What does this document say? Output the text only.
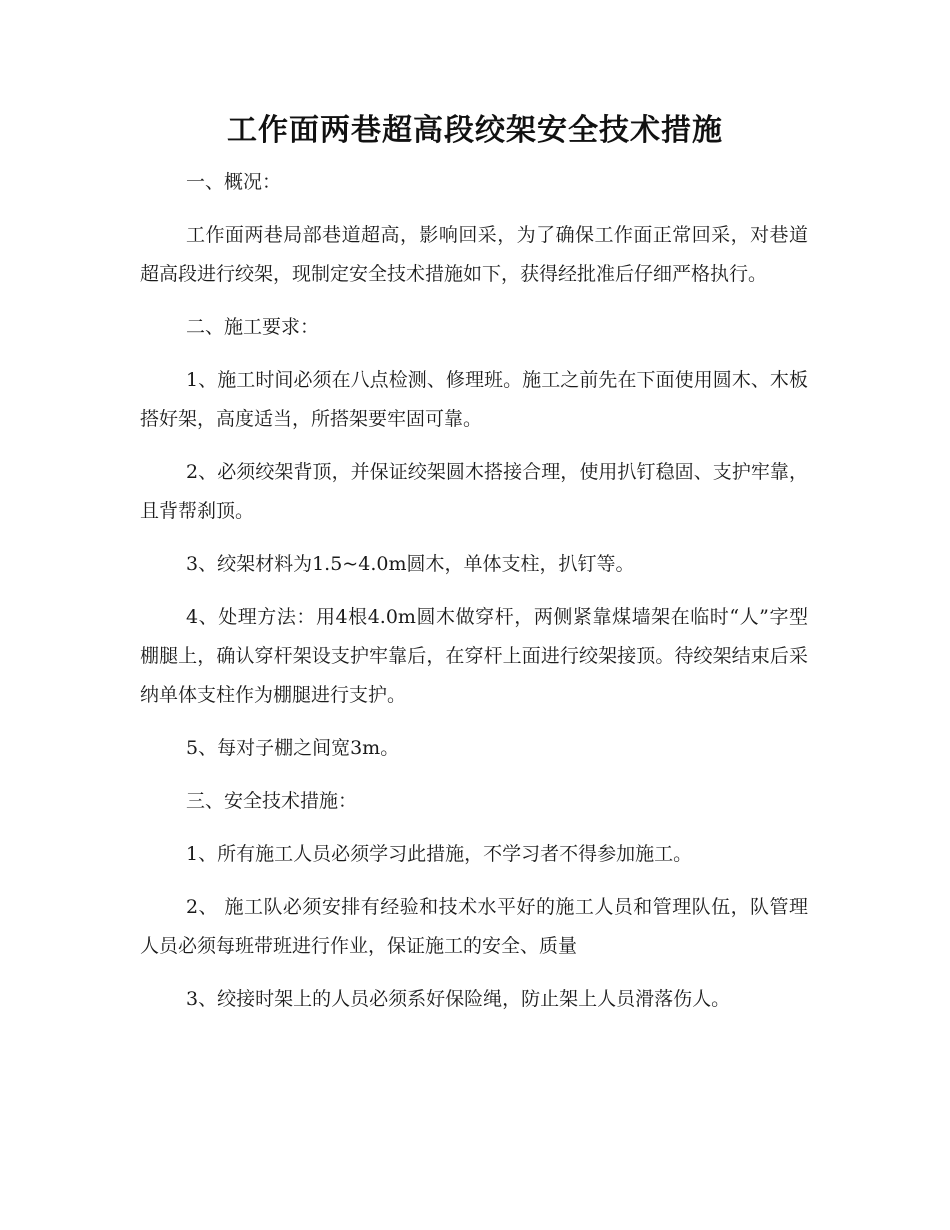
工作面两巷超高段绞架安全技术措施

一、概况：

工作面两巷局部巷道超高，影响回采，为了确保工作面正常回采，对巷道超高段进行绞架，现制定安全技术措施如下，获得经批准后仔细严格执行。

二、施工要求：

1、施工时间必须在八点检测、修理班。施工之前先在下面使用圆木、木板搭好架，高度适当，所搭架要牢固可靠。

2、必须绞架背顶，并保证绞架圆木搭接合理，使用扒钉稳固、支护牢靠，且背帮刹顶。

3、绞架材料为1.5~4.0m圆木，单体支柱，扒钉等。

4、处理方法：用4根4.0m圆木做穿杆，两侧紧靠煤墙架在临时“人”字型棚腿上，确认穿杆架设支护牢靠后，在穿杆上面进行绞架接顶。待绞架结束后采纳单体支柱作为棚腿进行支护。

5、每对子棚之间宽3m。

三、安全技术措施：

1、所有施工人员必须学习此措施，不学习者不得参加施工。

2、 施工队必须安排有经验和技术水平好的施工人员和管理队伍，队管理人员必须每班带班进行作业，保证施工的安全、质量

3、绞接时架上的人员必须系好保险绳，防止架上人员滑落伤人。
